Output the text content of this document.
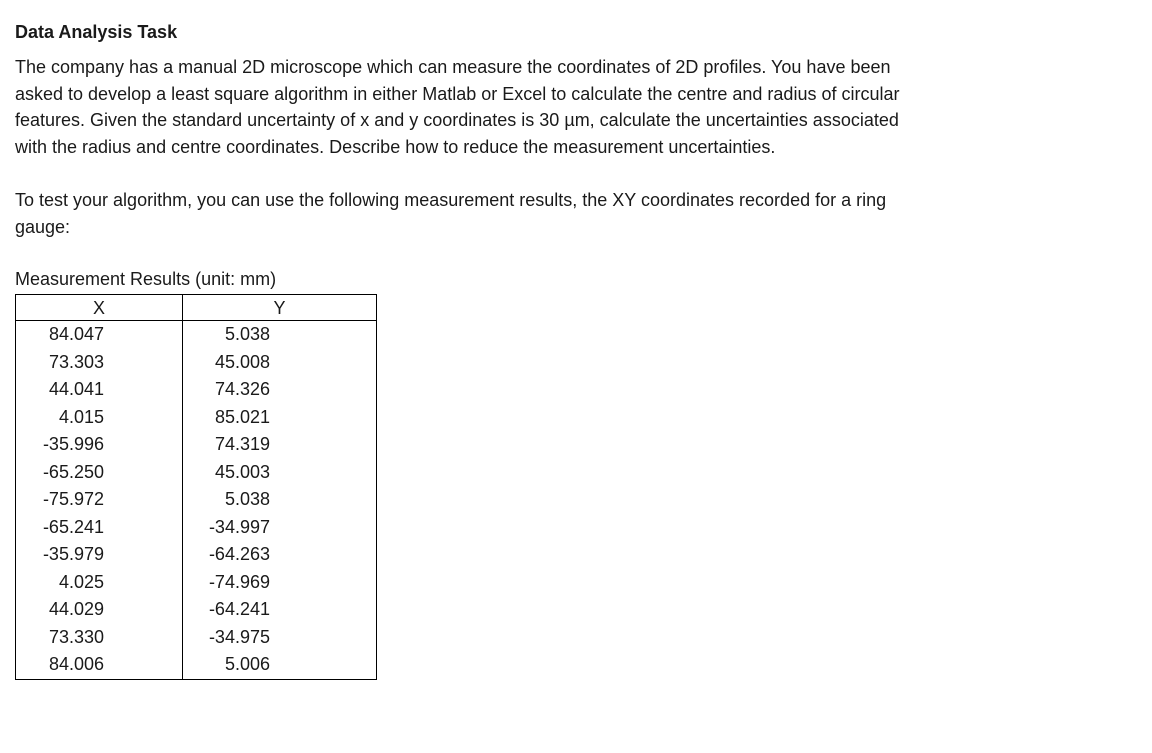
Data Analysis Task

The company has a manual 2D microscope which can measure the coordinates of 2D profiles. You have been
asked to develop a least square algorithm in either Matlab or Excel to calculate the centre and radius of circular
features. Given the standard uncertainty of x and y coordinates is 30 µm, calculate the uncertainties associated
with the radius and centre coordinates. Describe how to reduce the measurement uncertainties.

To test your algorithm, you can use the following measurement results, the XY coordinates recorded for a ring
gauge:

Measurement Results (unit: mm)
X	Y
84.047	5.038
73.303	45.008
44.041	74.326
4.015	85.021
-35.996	74.319
-65.250	45.003
-75.972	5.038
-65.241	-34.997
-35.979	-64.263
4.025	-74.969
44.029	-64.241
73.330	-34.975
84.006	5.006
